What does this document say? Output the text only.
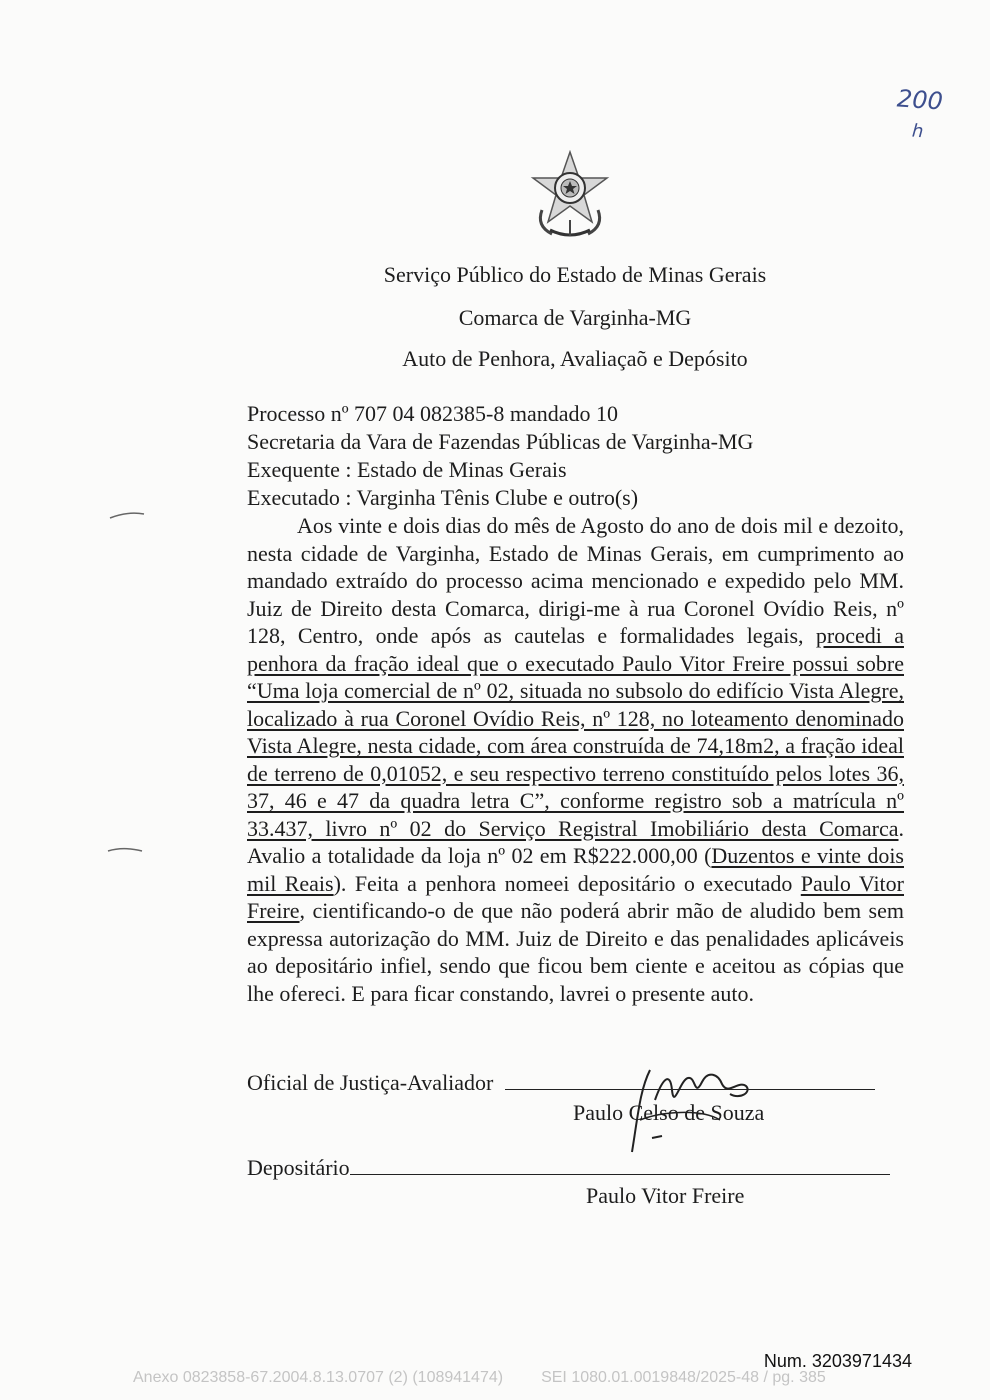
200
h
Serviço Público do Estado de Minas Gerais
Comarca de Varginha-MG
Auto de Penhora, Avaliaçaõ e Depósito
Processo nº 707 04 082385-8 mandado 10
Secretaria da Vara de Fazendas Públicas de Varginha-MG
Exequente : Estado de Minas Gerais
Executado : Varginha Tênis Clube e outro(s)
Aos vinte e dois dias do mês de Agosto do ano de dois mil e dezoito, nesta cidade de Varginha, Estado de Minas Gerais, em cumprimento ao mandado extraído do processo acima mencionado e expedido pelo MM. Juiz de Direito desta Comarca, dirigi-me à rua Coronel Ovídio Reis, nº 128, Centro, onde após as cautelas e formalidades legais, procedi a penhora da fração ideal que o executado Paulo Vitor Freire possui sobre “Uma loja comercial de nº 02, situada no subsolo do edifício Vista Alegre, localizado à rua Coronel Ovídio Reis, nº 128, no loteamento denominado Vista Alegre, nesta cidade, com área construída de 74,18m2, a fração ideal de terreno de 0,01052, e seu respectivo terreno constituído pelos lotes 36, 37, 46 e 47 da quadra letra C”, conforme registro sob a matrícula nº 33.437, livro nº 02 do Serviço Registral Imobiliário desta Comarca. Avalio a totalidade da loja nº 02 em R$222.000,00 (Duzentos e vinte dois mil Reais). Feita a penhora nomeei depositário o executado Paulo Vitor Freire, cientificando-o de que não poderá abrir mão de aludido bem sem expressa autorização do MM. Juiz de Direito e das penalidades aplicáveis ao depositário infiel, sendo que ficou bem ciente e aceitou as cópias que lhe ofereci. E para ficar constando, lavrei o presente auto.
Oficial de Justiça-Avaliador
Paulo Celso de Souza
Depositário
Paulo Vitor Freire
Num. 3203971434
Anexo 0823858-67.2004.8.13.0707 (2) (108941474) SEI 1080.01.0019848/2025-48 / pg. 385
